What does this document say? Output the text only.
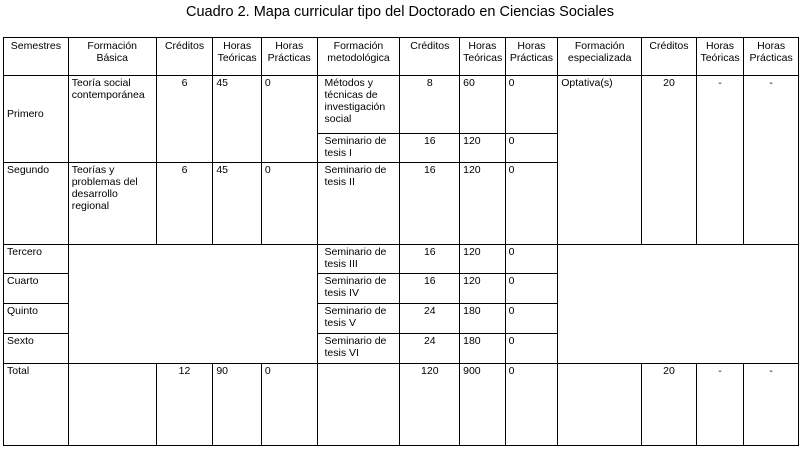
Cuadro 2. Mapa curricular tipo del Doctorado en Ciencias Sociales
Semestres	Formación Básica	Créditos	Horas Teóricas	Horas Prácticas	Formación metodológica	Créditos	Horas Teóricas	Horas Prácticas	Formación especializada	Créditos	Horas Teóricas	Horas Prácticas
Primero	Teoría social contemporánea	6	45	0	Métodos y técnicas de investigación social	8	60	0	Optativa(s)	20	-	-
					Seminario de tesis I	16	120	0				
Segundo	Teorías y problemas del desarrollo regional	6	45	0	Seminario de tesis II	16	120	0				
Tercero					Seminario de tesis III	16	120	0				
Cuarto					Seminario de tesis IV	16	120	0				
Quinto					Seminario de tesis V	24	180	0				
Sexto					Seminario de tesis VI	24	180	0				
Total		12	90	0		120	900	0		20	-	-
